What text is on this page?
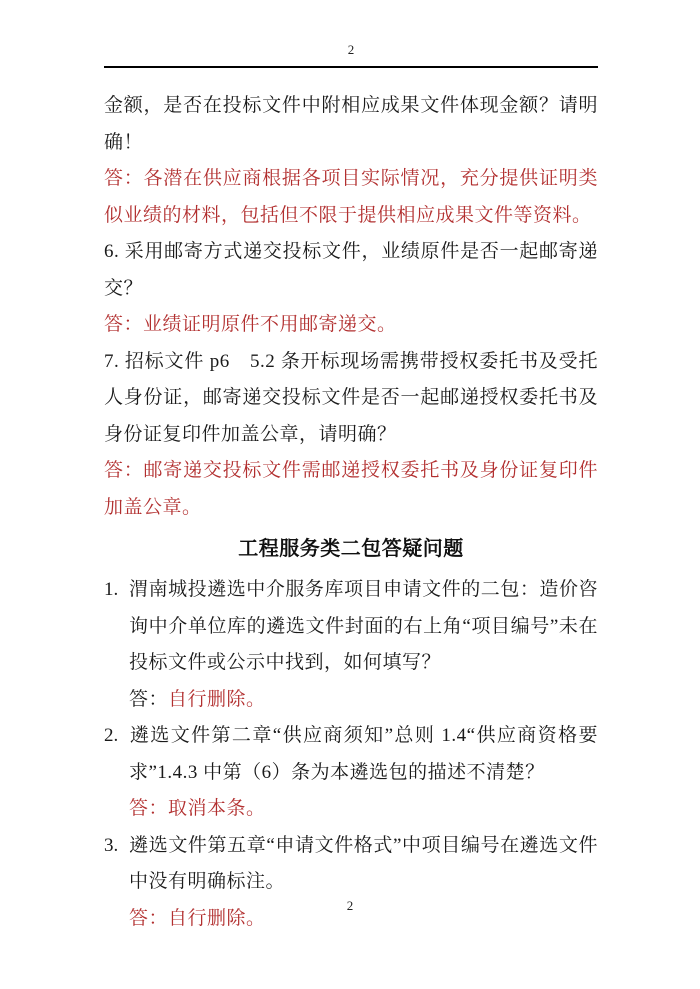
2

金额，是否在投标文件中附相应成果文件体现金额？请明确！

答：各潜在供应商根据各项目实际情况，充分提供证明类似业绩的材料，包括但不限于提供相应成果文件等资料。

6. 采用邮寄方式递交投标文件，业绩原件是否一起邮寄递交？

答：业绩证明原件不用邮寄递交。

7. 招标文件 p6　5.2 条开标现场需携带授权委托书及受托人身份证，邮寄递交投标文件是否一起邮递授权委托书及身份证复印件加盖公章，请明确？

答：邮寄递交投标文件需邮递授权委托书及身份证复印件加盖公章。

工程服务类二包答疑问题

1. 渭南城投遴选中介服务库项目申请文件的二包：造价咨询中介单位库的遴选文件封面的右上角“项目编号”未在投标文件或公示中找到，如何填写？

答：自行删除。

2. 遴选文件第二章“供应商须知”总则 1.4“供应商资格要求”1.4.3 中第（6）条为本遴选包的描述不清楚？

答：取消本条。

3. 遴选文件第五章“申请文件格式”中项目编号在遴选文件中没有明确标注。

答：自行删除。

2
